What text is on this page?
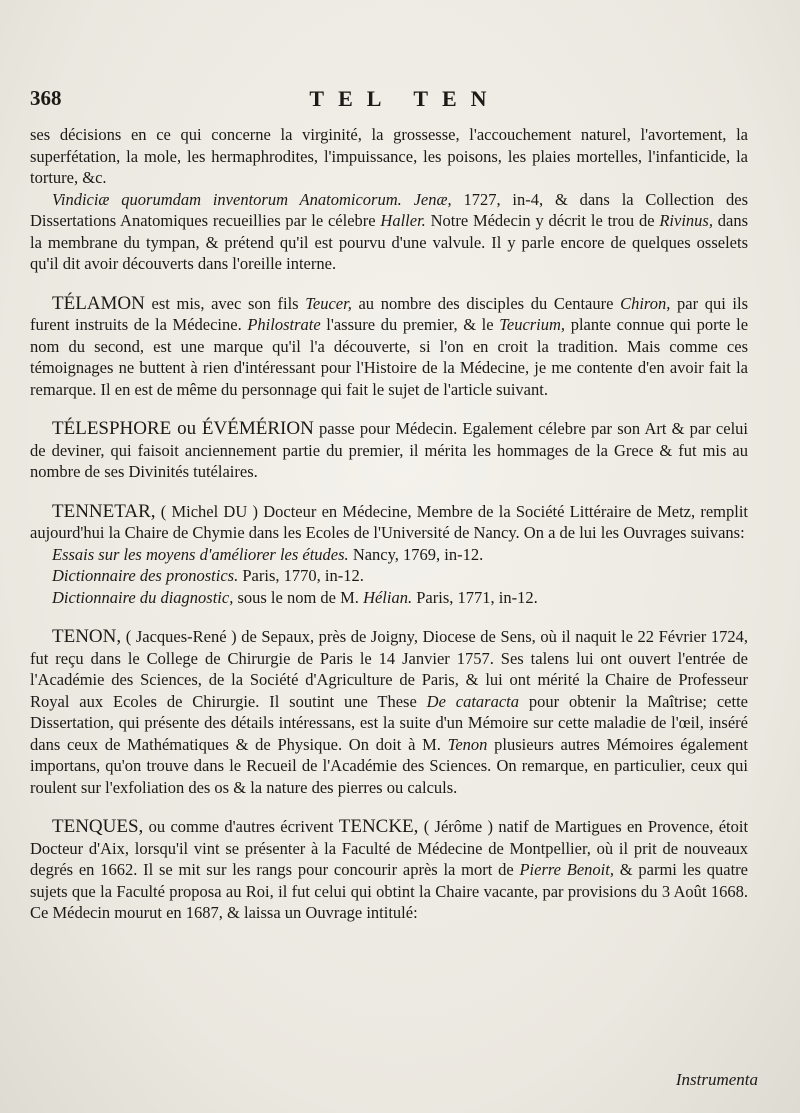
368	TEL TEN

ses décisions en ce qui concerne la virginité, la grossesse, l'accouchement naturel, l'avortement, la superfétation, la mole, les hermaphrodites, l'impuissance, les poisons, les plaies mortelles, l'infanticide, la torture, &c.

Vindiciæ quorumdam inventorum Anatomicorum. Jenæ, 1727, in-4, & dans la Collection des Dissertations Anatomiques recueillies par le célebre Haller. Notre Médecin y décrit le trou de Rivinus, dans la membrane du tympan, & prétend qu'il est pourvu d'une valvule. Il y parle encore de quelques osselets qu'il dit avoir découverts dans l'oreille interne.

TÉLAMON est mis, avec son fils Teucer, au nombre des disciples du Centaure Chiron, par qui ils furent instruits de la Médecine. Philostrate l'assure du premier, & le Teucrium, plante connue qui porte le nom du second, est une marque qu'il l'a découverte, si l'on en croit la tradition. Mais comme ces témoignages ne buttent à rien d'intéressant pour l'Histoire de la Médecine, je me contente d'en avoir fait la remarque. Il en est de même du personnage qui fait le sujet de l'article suivant.

TÉLESPHORE ou ÉVÉMÉRION passe pour Médecin. Egalement célebre par son Art & par celui de deviner, qui faisoit anciennement partie du premier, il mérita les hommages de la Grece & fut mis au nombre de ses Divinités tutélaires.

TENNETAR, ( Michel DU ) Docteur en Médecine, Membre de la Société Littéraire de Metz, remplit aujourd'hui la Chaire de Chymie dans les Ecoles de l'Université de Nancy. On a de lui les Ouvrages suivans:

Essais sur les moyens d'améliorer les études. Nancy, 1769, in-12.

Dictionnaire des pronostics. Paris, 1770, in-12.

Dictionnaire du diagnostic, sous le nom de M. Hélian. Paris, 1771, in-12.

TENON, ( Jacques-René ) de Sepaux, près de Joigny, Diocese de Sens, où il naquit le 22 Février 1724, fut reçu dans le College de Chirurgie de Paris le 14 Janvier 1757. Ses talens lui ont ouvert l'entrée de l'Académie des Sciences, de la Société d'Agriculture de Paris, & lui ont mérité la Chaire de Professeur Royal aux Ecoles de Chirurgie. Il soutint une These De cataracta pour obtenir la Maîtrise; cette Dissertation, qui présente des détails intéressans, est la suite d'un Mémoire sur cette maladie de l'œil, inséré dans ceux de Mathématiques & de Physique. On doit à M. Tenon plusieurs autres Mémoires également importans, qu'on trouve dans le Recueil de l'Académie des Sciences. On remarque, en particulier, ceux qui roulent sur l'exfoliation des os & la nature des pierres ou calculs.

TENQUES, ou comme d'autres écrivent TENCKE, ( Jérôme ) natif de Martigues en Provence, étoit Docteur d'Aix, lorsqu'il vint se présenter à la Faculté de Médecine de Montpellier, où il prit de nouveaux degrés en 1662. Il se mit sur les rangs pour concourir après la mort de Pierre Benoit, & parmi les quatre sujets que la Faculté proposa au Roi, il fut celui qui obtint la Chaire vacante, par provisions du 3 Août 1668. Ce Médecin mourut en 1687, & laissa un Ouvrage intitulé:

Instrumenta
